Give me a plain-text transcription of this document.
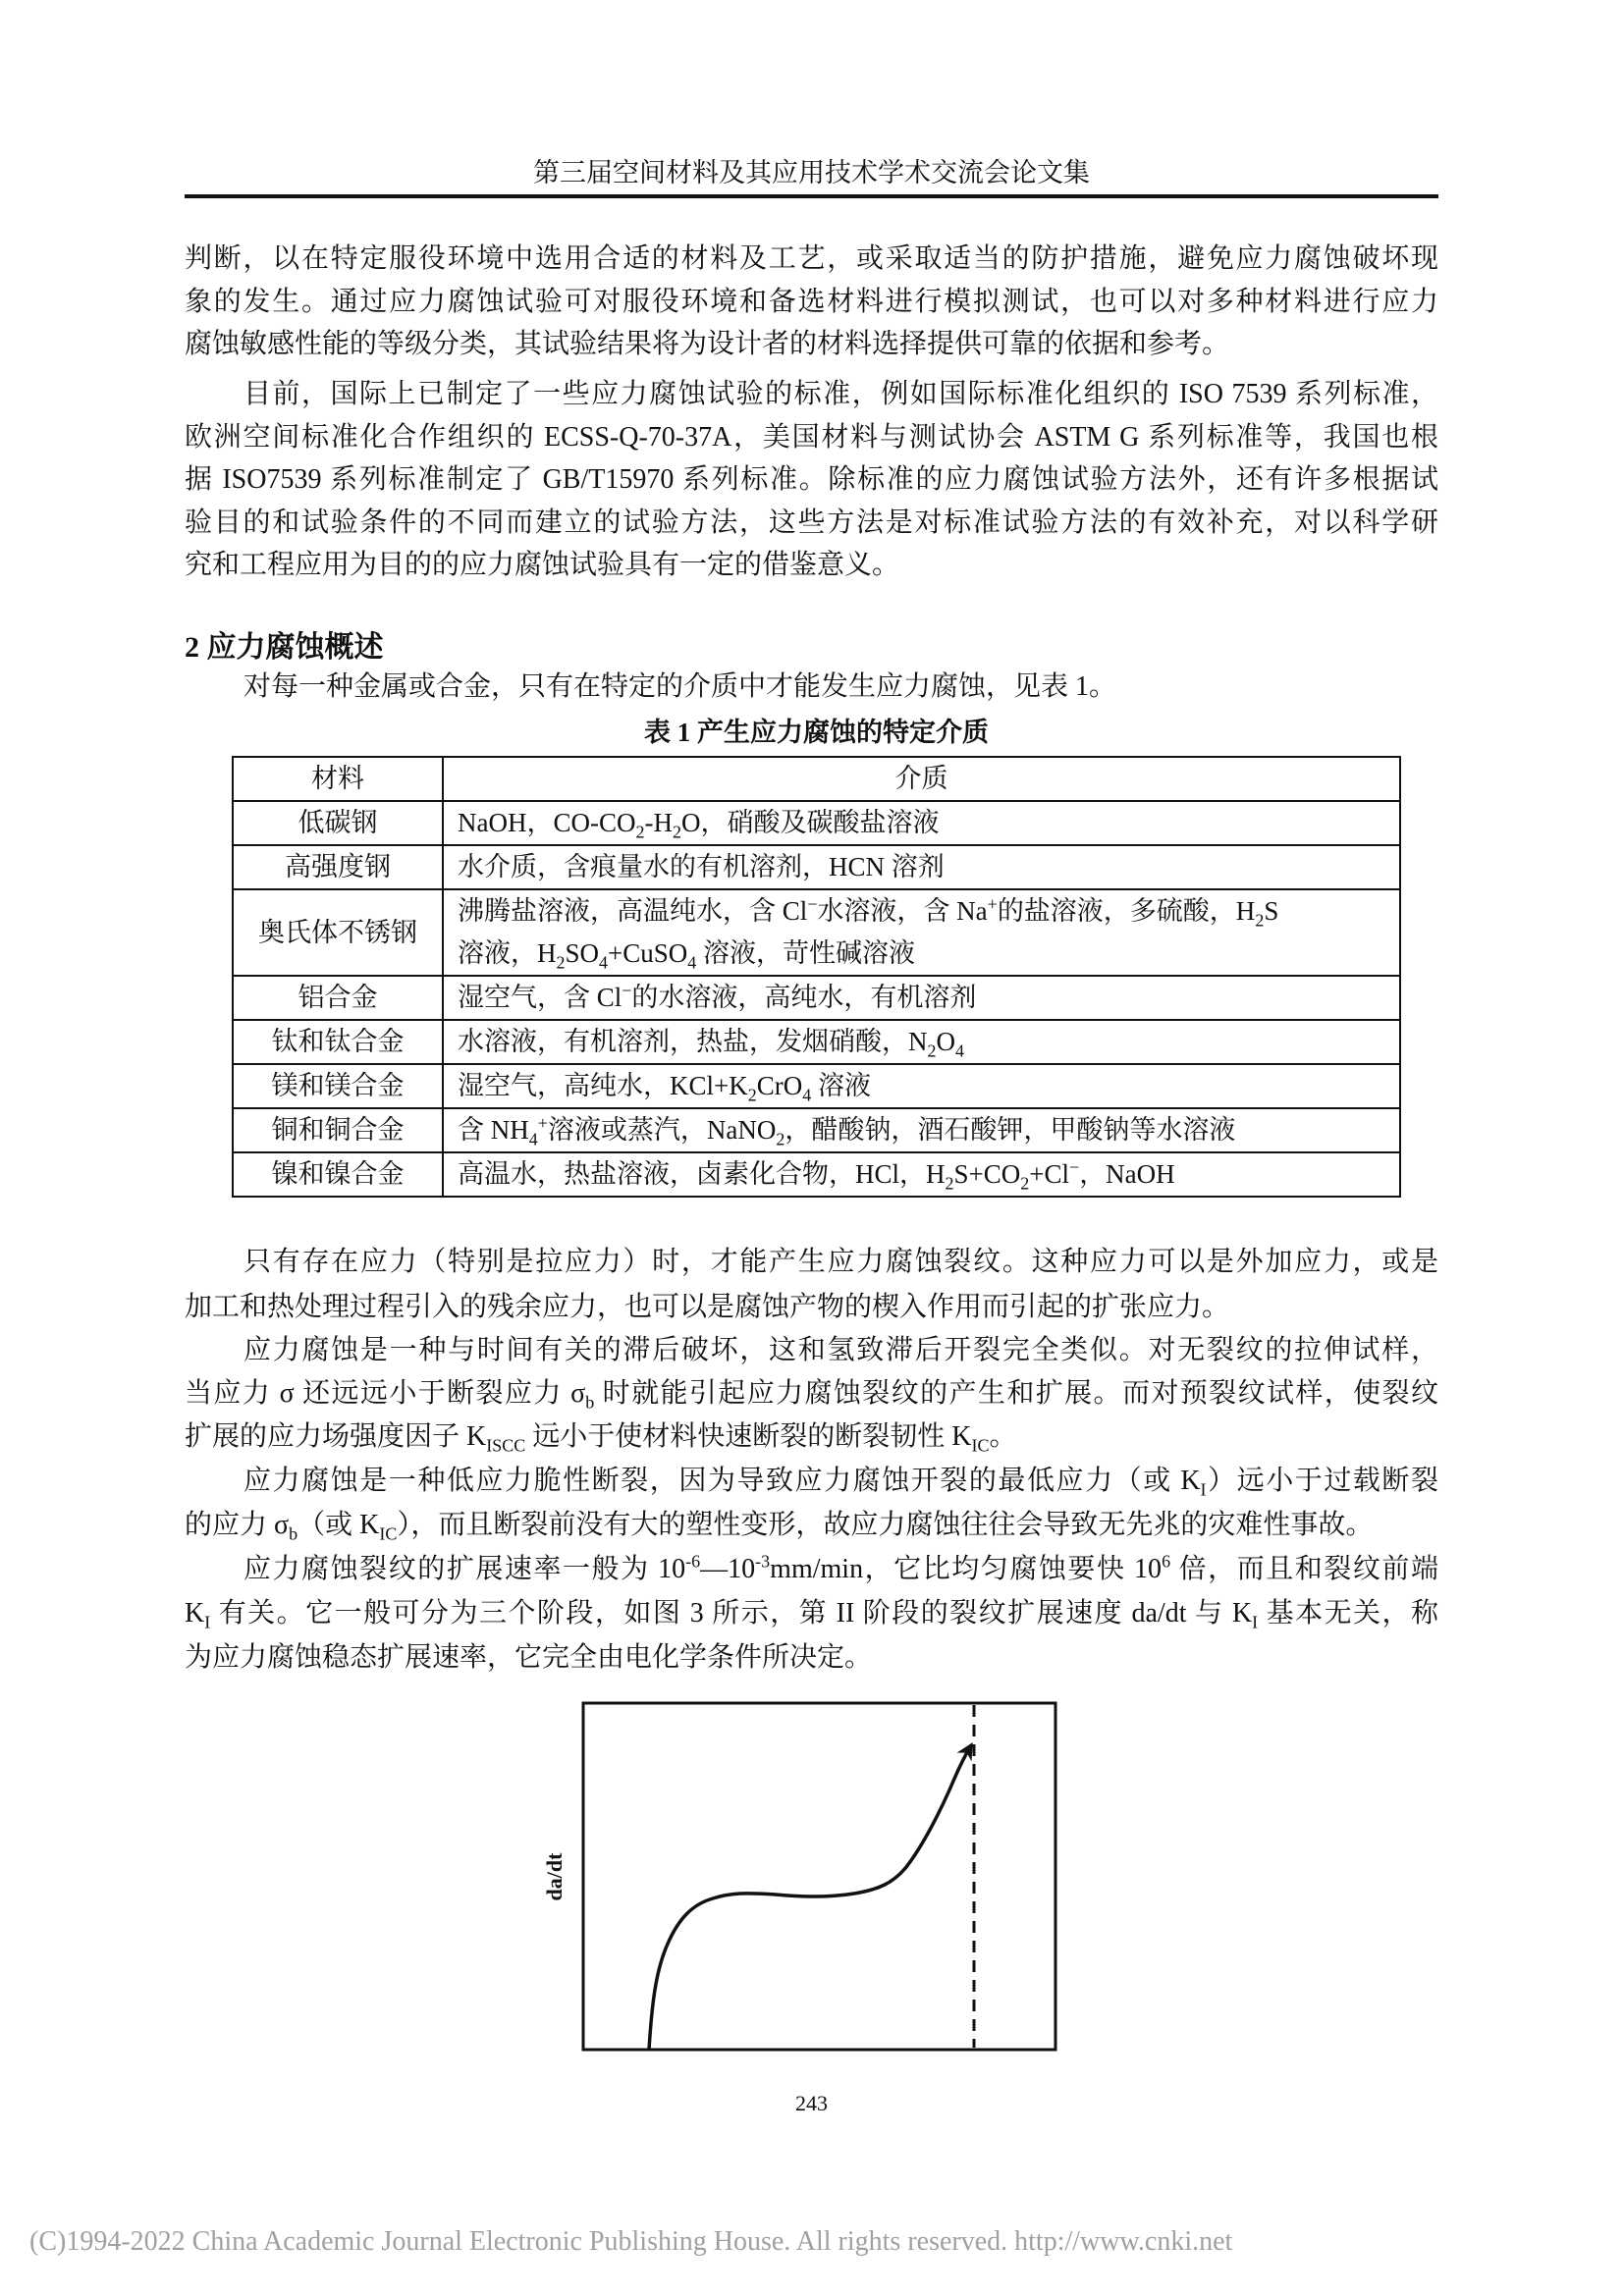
第三届空间材料及其应用技术学术交流会论文集
判断，以在特定服役环境中选用合适的材料及工艺，或采取适当的防护措施，避免应力腐蚀破坏现
象的发生。通过应力腐蚀试验可对服役环境和备选材料进行模拟测试，也可以对多种材料进行应力
腐蚀敏感性能的等级分类，其试验结果将为设计者的材料选择提供可靠的依据和参考。
目前，国际上已制定了一些应力腐蚀试验的标准，例如国际标准化组织的 ISO 7539 系列标准，
欧洲空间标准化合作组织的 ECSS-Q-70-37A，美国材料与测试协会 ASTM G 系列标准等，我国也根
据 ISO7539 系列标准制定了 GB/T15970 系列标准。除标准的应力腐蚀试验方法外，还有许多根据试
验目的和试验条件的不同而建立的试验方法，这些方法是对标准试验方法的有效补充，对以科学研
究和工程应用为目的的应力腐蚀试验具有一定的借鉴意义。
2 应力腐蚀概述
对每一种金属或合金，只有在特定的介质中才能发生应力腐蚀，见表 1。
表 1 产生应力腐蚀的特定介质
材料	介质
低碳钢	NaOH，$CO-CO_2-H_2O$，硝酸及碳酸盐溶液

高强度钢	水介质，含痕量水的有机溶剂，HCN 溶剂

奥氏体不锈钢	沸腾盐溶液，高温纯水，含 Cl−水溶液，含 Na+的盐溶液，多硫酸，$H_2S$
溶液，$H_2SO_4+CuSO_4$ 溶液，苛性碱溶液

铝合金	湿空气，含 Cl−的水溶液，高纯水，有机溶剂

钛和钛合金	水溶液，有机溶剂，热盐，发烟硝酸，$N_2O_4$

镁和镁合金	湿空气，高纯水，$KCl+K_2CrO_4$ 溶液

铜和铜合金	含 $NH_4^+$溶液或蒸汽，NaNO$_2$，醋酸钠，酒石酸钾，甲酸钠等水溶液

镍和镍合金	高温水，热盐溶液，卤素化合物，HCl，$H_2S+CO_2+Cl^-$，NaOH
只有存在应力（特别是拉应力）时，才能产生应力腐蚀裂纹。这种应力可以是外加应力，或是
加工和热处理过程引入的残余应力，也可以是腐蚀产物的楔入作用而引起的扩张应力。
应力腐蚀是一种与时间有关的滞后破坏，这和氢致滞后开裂完全类似。对无裂纹的拉伸试样，
当应力 σ 还远远小于断裂应力 $\sigma_b$ 时就能引起应力腐蚀裂纹的产生和扩展。而对预裂纹试样，使裂纹
扩展的应力场强度因子 $K_{ISCC}$ 远小于使材料快速断裂的断裂韧性 $K_{IC}$。
应力腐蚀是一种低应力脆性断裂，因为导致应力腐蚀开裂的最低应力（或 $K_I$）远小于过载断裂
的应力 $\sigma_b$（或 $K_{IC}$），而且断裂前没有大的塑性变形，故应力腐蚀往往会导致无先兆的灾难性事故。
应力腐蚀裂纹的扩展速率一般为 $10^{-6}—10^{-3}mm/\min$，它比均匀腐蚀要快 $10^6$ 倍，而且和裂纹前端
$K_I$ 有关。它一般可分为三个阶段，如图 3 所示，第 II 阶段的裂纹扩展速度 da/dt 与 $K_I$ 基本无关，称
为应力腐蚀稳态扩展速率，它完全由电化学条件所决定。
da/dt
243
(C)1994-2022 China Academic Journal Electronic Publishing House. All rights reserved. http://www.cnki.net
